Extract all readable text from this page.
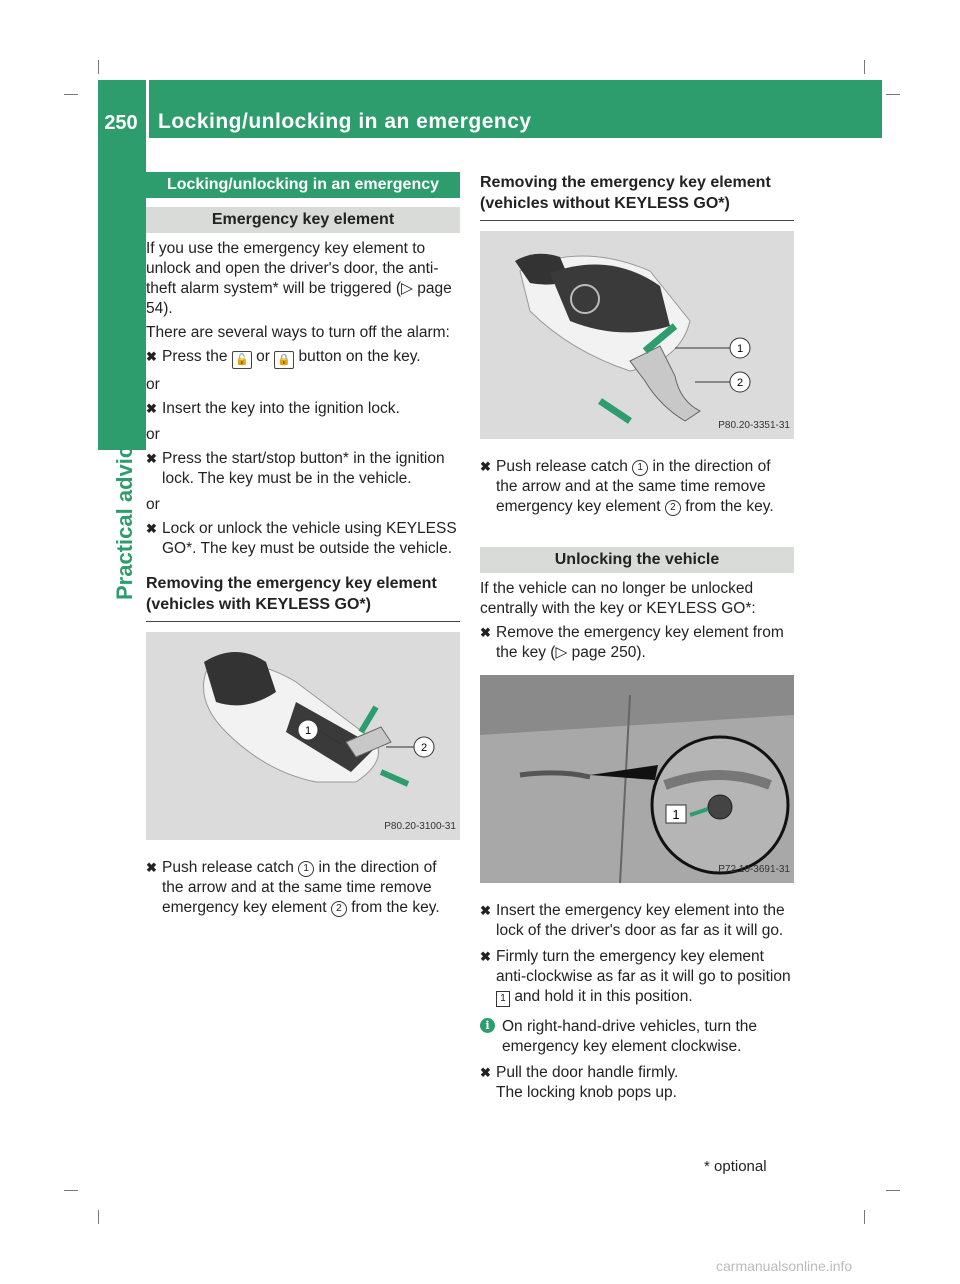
250 Locking/unlocking in an emergency
Practical advice
Locking/unlocking in an emergency
Emergency key element

If you use the emergency key element to unlock and open the driver's door, the anti-theft alarm system* will be triggered (▷ page 54).

There are several ways to turn off the alarm:

✖ Press the 🔓 or 🔒 button on the key.

or

✖ Insert the key into the ignition lock.

or

✖ Press the start/stop button* in the ignition lock. The key must be in the vehicle.

or

✖ Lock or unlock the vehicle using KEYLESS GO*. The key must be outside the vehicle.

Removing the emergency key element (vehicles with KEYLESS GO*)

1
2
P80.20-3100-31
✖ Push release catch 1 in the direction of the arrow and at the same time remove emergency key element 2 from the key.

Removing the emergency key element (vehicles without KEYLESS GO*)

1
2
P80.20-3351-31
✖ Push release catch 1 in the direction of the arrow and at the same time remove emergency key element 2 from the key.
Unlocking the vehicle

If the vehicle can no longer be unlocked centrally with the key or KEYLESS GO*:

✖ Remove the emergency key element from the key (▷ page 250).
1
P72.10-3691-31
✖ Insert the emergency key element into the lock of the driver's door as far as it will go.
✖ Firmly turn the emergency key element anti-clockwise as far as it will go to position 1 and hold it in this position.
i On right-hand-drive vehicles, turn the emergency key element clockwise.
✖ Pull the door handle firmly.
The locking knob pops up.
* optional
carmanualsonline.info
